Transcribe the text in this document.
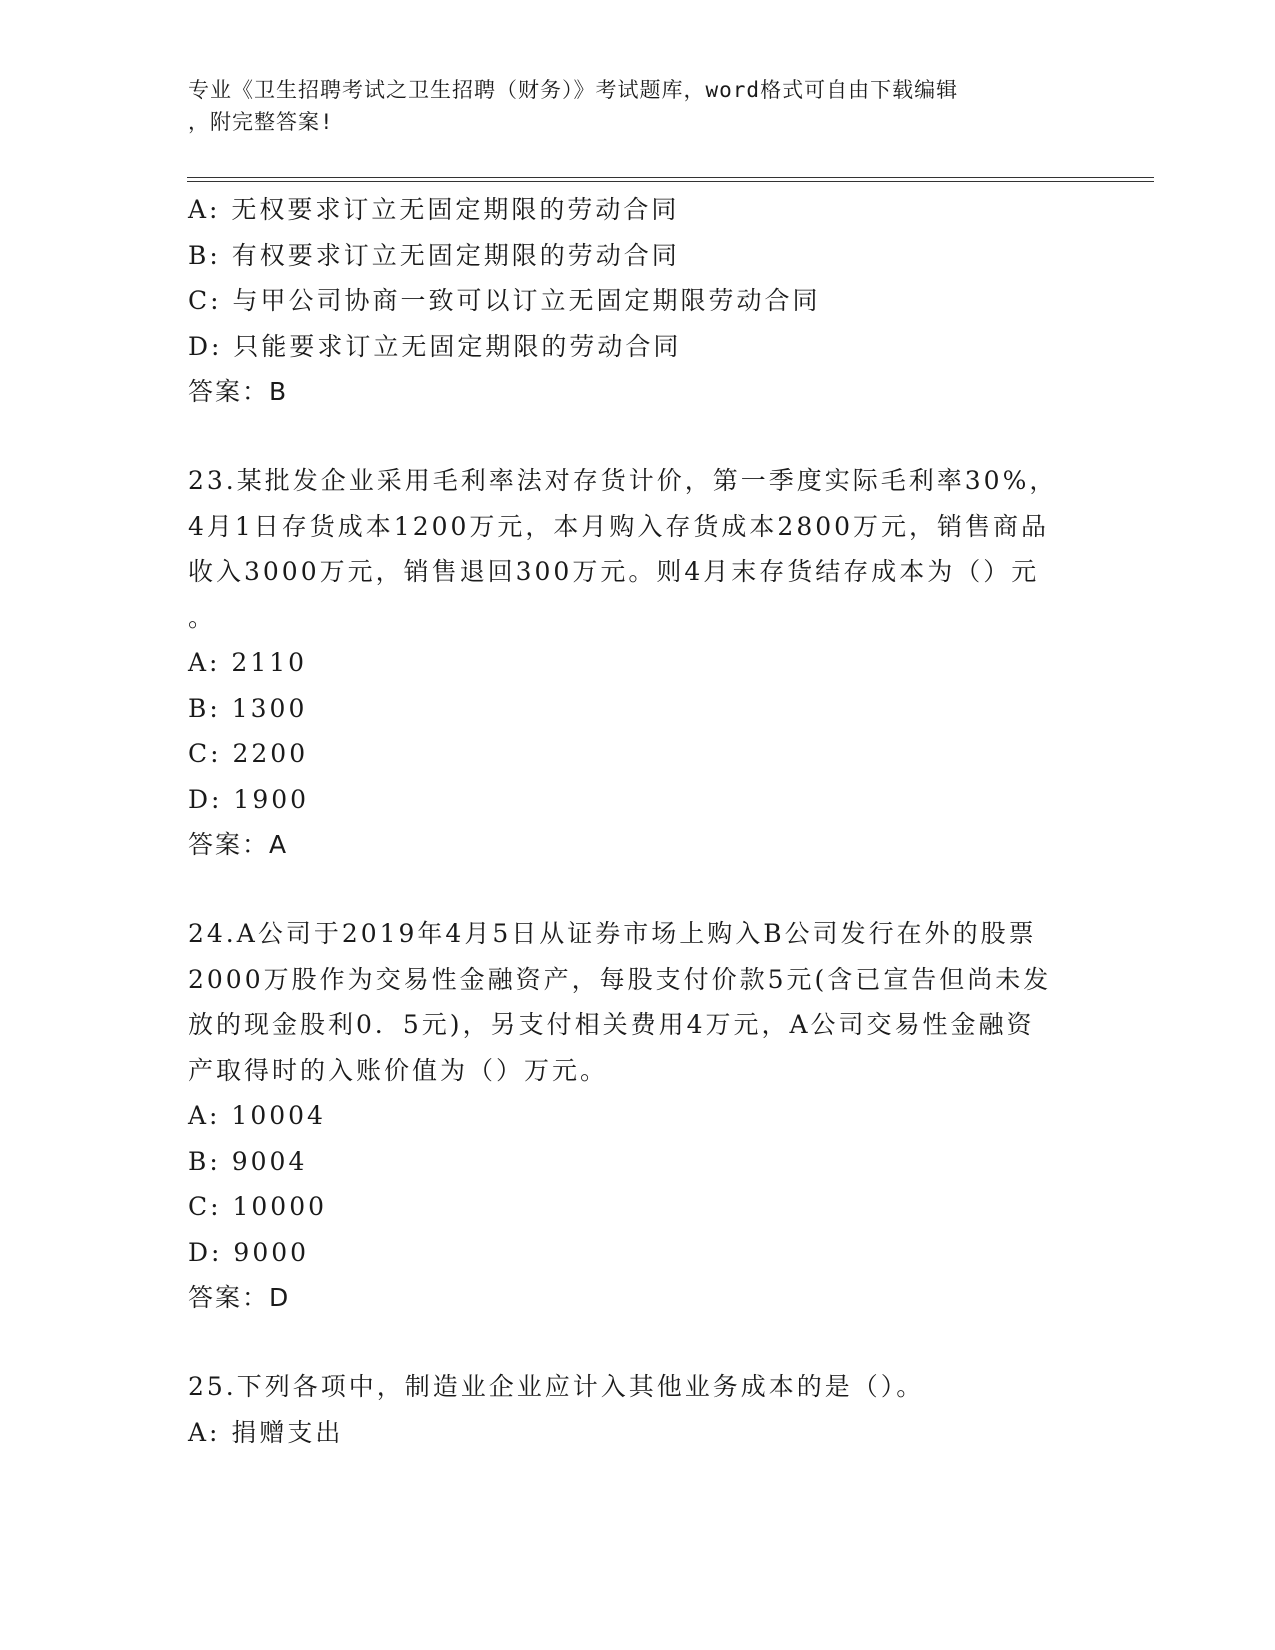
专业《卫生招聘考试之卫生招聘（财务）》考试题库，word格式可自由下载编辑
，附完整答案!
A: 无权要求订立无固定期限的劳动合同
B: 有权要求订立无固定期限的劳动合同
C: 与甲公司协商一致可以订立无固定期限劳动合同
D: 只能要求订立无固定期限的劳动合同
答案：B
23.某批发企业采用毛利率法对存货计价，第一季度实际毛利率30%，
4月1日存货成本1200万元，本月购入存货成本2800万元，销售商品
收入3000万元，销售退回300万元。则4月末存货结存成本为（）元
。
A: 2110
B: 1300
C: 2200
D: 1900
答案：A
24.A公司于2019年4月5日从证券市场上购入B公司发行在外的股票
2000万股作为交易性金融资产，每股支付价款5元(含已宣告但尚未发
放的现金股利0．5元)，另支付相关费用4万元，A公司交易性金融资
产取得时的入账价值为（）万元。
A: 10004
B: 9004
C: 10000
D: 9000
答案：D
25.下列各项中，制造业企业应计入其他业务成本的是（）。
A: 捐赠支出
